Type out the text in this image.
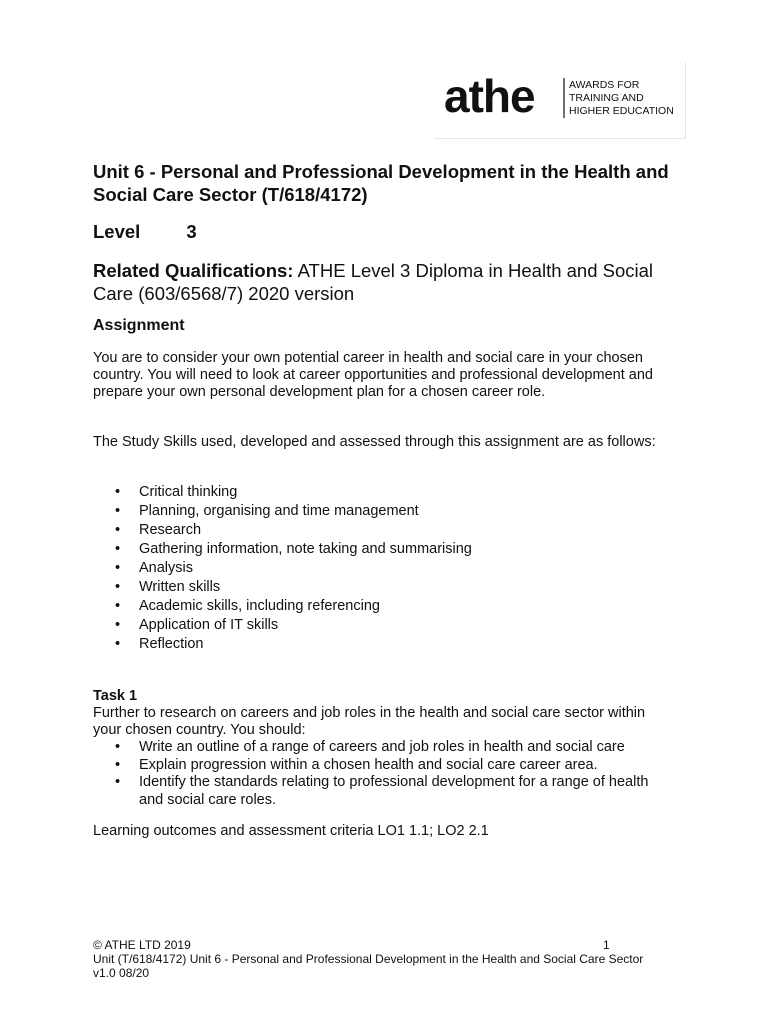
athe	AWARDS FOR
TRAINING AND
HIGHER EDUCATION
Unit 6 - Personal and Professional Development in the Health and Social Care Sector (T/618/4172)

Level 3

Related Qualifications: ATHE Level 3 Diploma in Health and Social Care (603/6568/7) 2020 version

Assignment

You are to consider your own potential career in health and social care in your chosen country. You will need to look at career opportunities and professional development and prepare your own personal development plan for a chosen career role.

The Study Skills used, developed and assessed through this assignment are as follows:

• Critical thinking
• Planning, organising and time management
• Research
• Gathering information, note taking and summarising
• Analysis
• Written skills
• Academic skills, including referencing
• Application of IT skills
• Reflection
Task 1

Further to research on careers and job roles in the health and social care sector within your chosen country. You should:

• Write an outline of a range of careers and job roles in health and social care
• Explain progression within a chosen health and social care career area.
• Identify the standards relating to professional development for a range of health and social care roles.

Learning outcomes and assessment criteria LO1 1.1; LO2 2.1

© ATHE LTD 2019	1
Unit (T/618/4172) Unit 6 - Personal and Professional Development in the Health and Social Care Sector v1.0 08/20
